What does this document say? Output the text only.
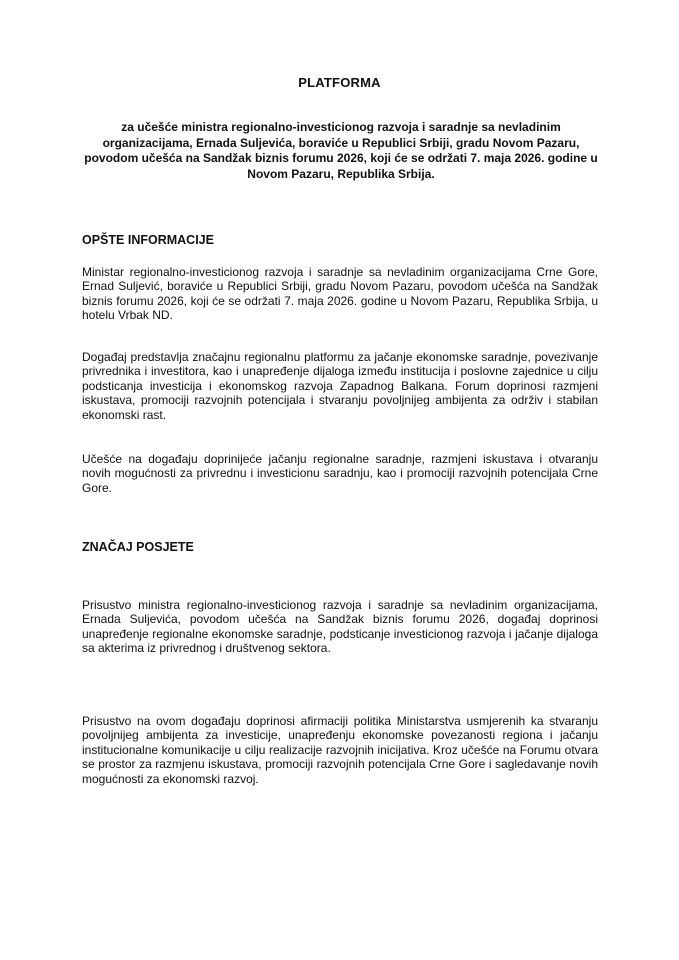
PLATFORMA
za učešće ministra regionalno-investicionog razvoja i saradnje sa nevladinim organizacijama, Ernada Suljevića, boraviće u Republici Srbiji, gradu Novom Pazaru, povodom učešća na Sandžak biznis forumu 2026, koji će se održati 7. maja 2026. godine u Novom Pazaru, Republika Srbija.
OPŠTE INFORMACIJE

Ministar regionalno-investicionog razvoja i saradnje sa nevladinim organizacijama Crne Gore, Ernad Suljević, boraviće u Republici Srbiji, gradu Novom Pazaru, povodom učešća na Sandžak biznis forumu 2026, koji će se održati 7. maja 2026. godine u Novom Pazaru, Republika Srbija, u hotelu Vrbak ND.

Događaj predstavlja značajnu regionalnu platformu za jačanje ekonomske saradnje, povezivanje privrednika i investitora, kao i unapređenje dijaloga između institucija i poslovne zajednice u cilju podsticanja investicija i ekonomskog razvoja Zapadnog Balkana. Forum doprinosi razmjeni iskustava, promociji razvojnih potencijala i stvaranju povoljnijeg ambijenta za održiv i stabilan ekonomski rast.

Učešće na događaju doprinijeće jačanju regionalne saradnje, razmjeni iskustava i otvaranju novih mogućnosti za privrednu i investicionu saradnju, kao i promociji razvojnih potencijala Crne Gore.

ZNAČAJ POSJETE

Prisustvo ministra regionalno-investicionog razvoja i saradnje sa nevladinim organizacijama, Ernada Suljevića, povodom učešća na Sandžak biznis forumu 2026, događaj doprinosi unapređenje regionalne ekonomske saradnje, podsticanje investicionog razvoja i jačanje dijaloga sa akterima iz privrednog i društvenog sektora.

Prisustvo na ovom događaju doprinosi afirmaciji politika Ministarstva usmjerenih ka stvaranju povoljnijeg ambijenta za investicije, unapređenju ekonomske povezanosti regiona i jačanju institucionalne komunikacije u cilju realizacije razvojnih inicijativa. Kroz učešće na Forumu otvara se prostor za razmjenu iskustava, promociji razvojnih potencijala Crne Gore i sagledavanje novih mogućnosti za ekonomski razvoj.
